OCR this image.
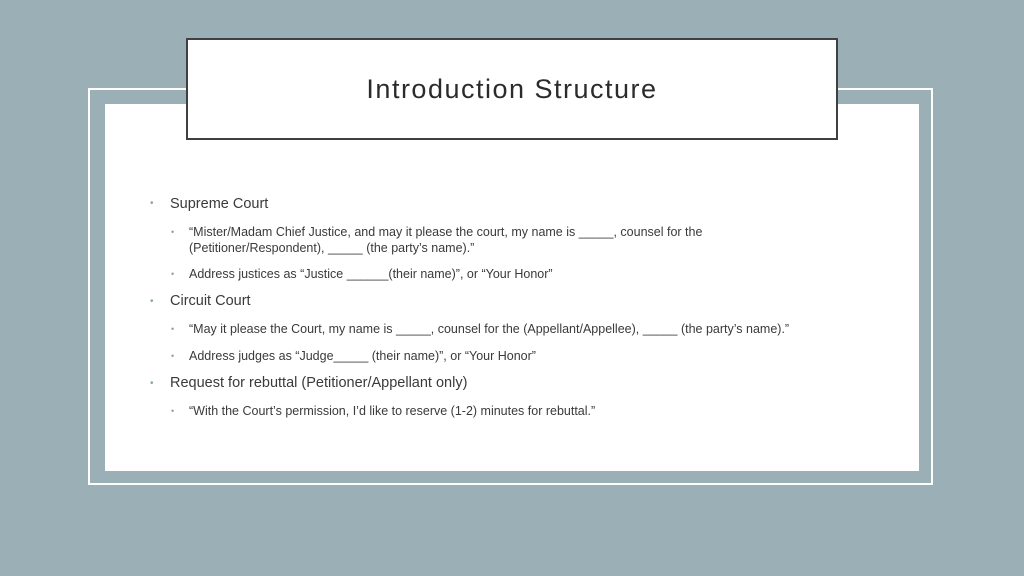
Introduction Structure
• Supreme Court
• “Mister/Madam Chief Justice, and may it please the court, my name is _____, counsel for the
(Petitioner/Respondent), _____ (the party’s name).”
• Address justices as “Justice ______(their name)”, or “Your Honor”
• Circuit Court
• “May it please the Court, my name is _____, counsel for the (Appellant/Appellee), _____ (the party’s name).”
• Address judges as “Judge_____ (their name)”, or “Your Honor”
• Request for rebuttal (Petitioner/Appellant only)
• “With the Court’s permission, I’d like to reserve (1-2) minutes for rebuttal.”
